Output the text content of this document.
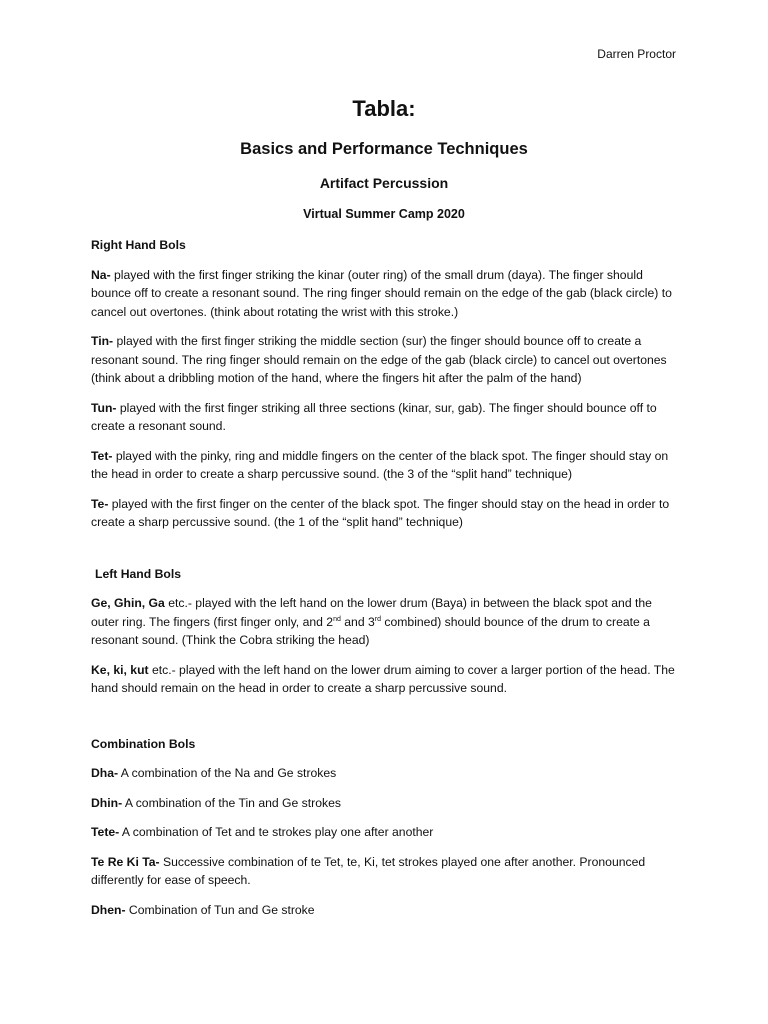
Darren Proctor
Tabla:
Basics and Performance Techniques
Artifact Percussion
Virtual Summer Camp 2020
Right Hand Bols

Na- played with the first finger striking the kinar (outer ring) of the small drum (daya). The finger should bounce off to create a resonant sound. The ring finger should remain on the edge of the gab (black circle) to cancel out overtones. (think about rotating the wrist with this stroke.)

Tin- played with the first finger striking the middle section (sur) the finger should bounce off to create a resonant sound. The ring finger should remain on the edge of the gab (black circle) to cancel out overtones (think about a dribbling motion of the hand, where the fingers hit after the palm of the hand)

Tun- played with the first finger striking all three sections (kinar, sur, gab). The finger should bounce off to create a resonant sound.

Tet- played with the pinky, ring and middle fingers on the center of the black spot. The finger should stay on the head in order to create a sharp percussive sound. (the 3 of the “split hand” technique)

Te- played with the first finger on the center of the black spot. The finger should stay on the head in order to create a sharp percussive sound. (the 1 of the “split hand” technique)

Left Hand Bols

Ge, Ghin, Ga etc.- played with the left hand on the lower drum (Baya) in between the black spot and the outer ring. The fingers (first finger only, and 2nd and 3rd combined) should bounce of the drum to create a resonant sound. (Think the Cobra striking the head)

Ke, ki, kut etc.- played with the left hand on the lower drum aiming to cover a larger portion of the head. The hand should remain on the head in order to create a sharp percussive sound.

Combination Bols

Dha- A combination of the Na and Ge strokes

Dhin- A combination of the Tin and Ge strokes

Tete- A combination of Tet and te strokes play one after another

Te Re Ki Ta- Successive combination of te Tet, te, Ki, tet strokes played one after another. Pronounced differently for ease of speech.

Dhen- Combination of Tun and Ge stroke
